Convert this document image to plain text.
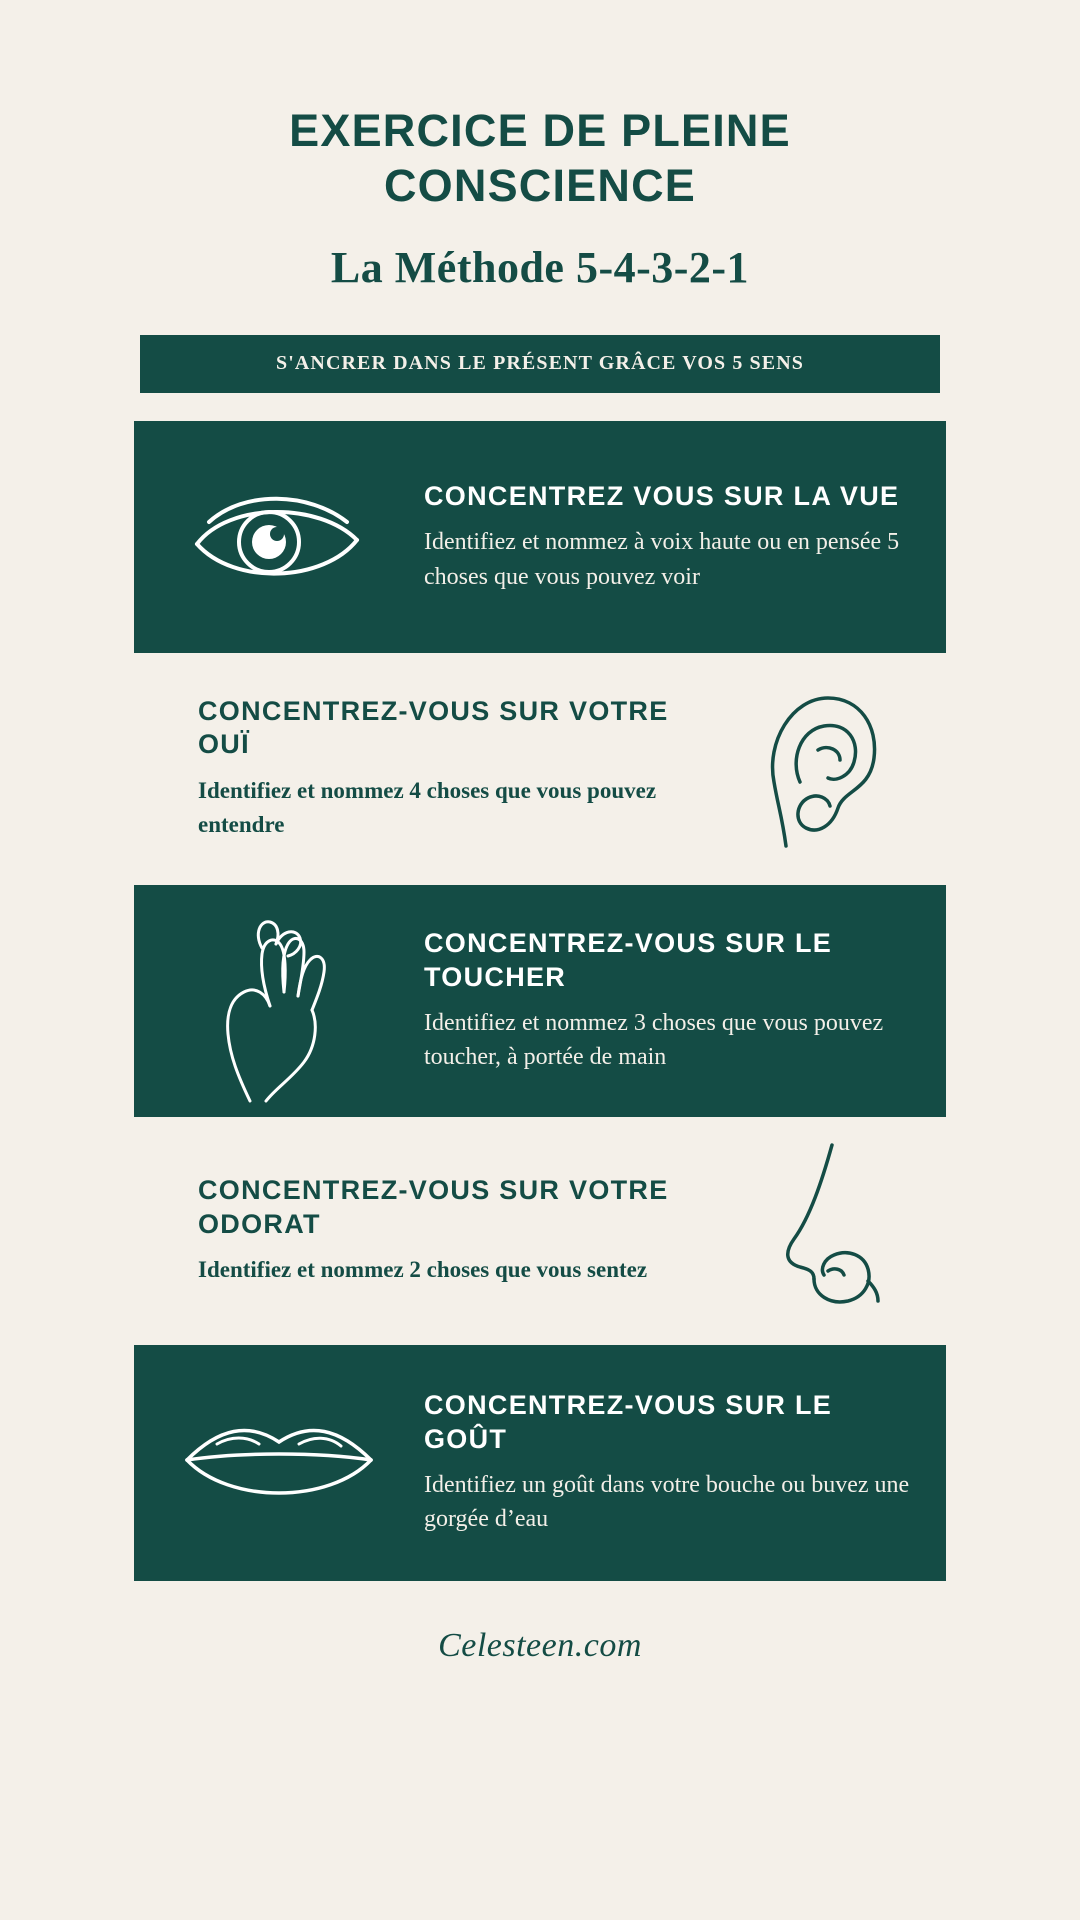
EXERCICE DE PLEINE CONSCIENCE
La Méthode 5-4-3-2-1
S'ANCRER DANS LE PRÉSENT GRÂCE VOS 5 SENS
CONCENTREZ VOUS SUR LA VUE

Identifiez et nommez à voix haute ou en pensée 5 choses que vous pouvez voir

CONCENTREZ-VOUS SUR VOTRE OUÏ

Identifiez et nommez 4 choses que vous pouvez entendre

CONCENTREZ-VOUS SUR LE TOUCHER

Identifiez et nommez 3 choses que vous pouvez toucher, à portée de main

CONCENTREZ-VOUS SUR VOTRE ODORAT

Identifiez et nommez 2 choses que vous sentez

CONCENTREZ-VOUS SUR LE GOÛT

Identifiez un goût dans votre bouche ou buvez une gorgée d’eau

Celesteen.com
